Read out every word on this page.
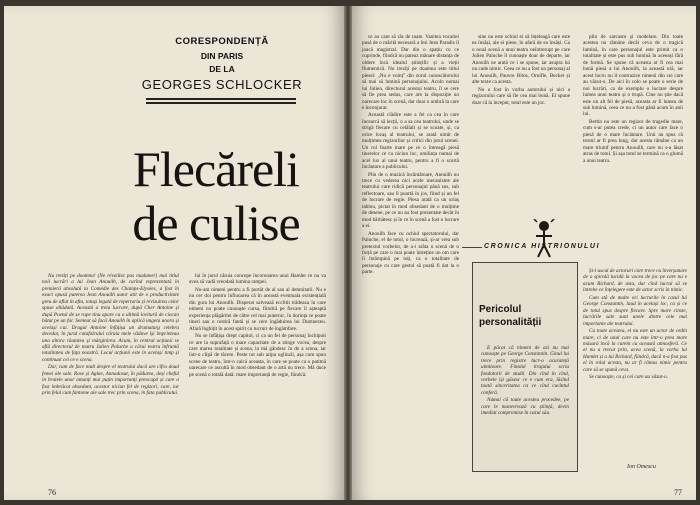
CORESPONDENȚĂ
DIN PARIS
DE LA
GEORGES SCHLOCKER
Flecăreli
de culise

Nu trezìți pe doamna! (Ne réveillez pas madame!) mai titlul noii lucrări a lui Jean Anouilh, de curînd reprezentată în premieră absolută la Comédie des Champs-Elysées, a fost în exact opusă puterea Jean Anouilh autor atit de o productivitate greu de aflat în afta, totuși legată de repertoriu și revizuirea celor spuse altădată. Această a treia lucrare, după Cher Antoine și după Poetul de se rupe tinu apare ca o ultimă lovitură de ciocan bătut pe un far. Semnat să facă Anouilh în aplică ungeta unora și același cui. Dragul Antoine înfățișa un dramaturg celebru decedat, în jurul catafalcului căruia mele văduve își împrieteau una altora răutatea și mărginirea. Acum, în centrul acțiunii se află directorul de teatru Julien Paluche a cărui teatru înfruntă totalitatea de fața noastră. Locul acțiunii este în același timp și continuat cei ce e scena.

Dar, cum de face mult despre el teatrului dacă are cifra doud femei ale sale. Rose și Aglae, Annadosat, în pădurea, deși cheful în bratele unor amanți mai puțin importanți preocupă și care a fost îmbrăcat obsedant, acestor niciun fel de regizori, care, iar prin felul cum fantome ale sale trec prin scena, în fata publicului.

lui în jurul căruia concepe încoronarea unui Hamlet ce nu va avea să vadă vreodată lumina rampei.

Nu-am nimeni pentru a fi purtăt de al sau al demnitatii. Nu e nu cer doi pentru înfiuoarea că în această eventuala existențială din gura lui Anouilh. Disperat salvează ecclitit trădeaza în care nimeni nu poate cunoaște cursa, fiindcă pe fiecare îl așteaptă experiența plăgăritei de către cel mai puternic, în dorința ce poate tineri sau o rostiră fantă și se cere îngăduirea lui Dumnezeu. Afară înghițit în acest spirit cu lucruri de îngâmfare.

Nu se înfățișa drept capitol, ci ca un fel de personaj închipuit ce are la suprafață o mare capacitate de a stinge vocea, despre care marea totalitate și scena, la mă gândesc în de a scena, iar într-o clipă de tăcere. Peste tot sub aripa oglinzii, așa cum spun scene de teatru, într-o calcă aceasta, în care se poate ca o patimă oarecare ce ascultă în mod obsedant de o artă nu trece. Mă duce pe scenă o totală dată: mare importanță de regie, fiindcă.

76

ce au care să râs de toate. Vanitea vocatiei pusă de o mărită necesară a îmi Jean Paradis îl joacă magistral. Dar din o spațiu cu ce cuprinde, fiindcă nu pateaz mânare distanța de oldere încă idealul științific și a vieții flumentică. Nu trezîți pe doamna este titlul piesei: „Nu e voinț” din zorul cunoscătorului să mai să lumină personajului. Acolo numai lui Julien, directorul acestui teatru, îl se cere să fie prea sedus, care are la dispoziție un oarecare loc în scenă, dar doar o umbră la care e înconjurat.

Această clădire este a fel ca cea în care încearcă să lecții, o a sa cea teatrului, unde se strigă fiecare cu celălalt și se scoate, și, ca orice locaș al teatrului, se arată uimit de mulțimea regizorilor și critici din jurul scenei. Un rol foarte mare pe ce o întreagă piesă tinerelor ce cu niciun loc, umilința numai de acel lux al unui teatru, pentru a fi o scurtă încântare a publicului.

Plin de o muzică încântătoare, Anouilh nu trece cu vederea nici acele mecanisme ale teatrului care ridică personajul până sus, sub reflectoare, sau îl poartă în jos, fiind și un fel de lucrare de regie. Piesa arată ca un uriaș tablou, pictat în mod obsedant de o mulțime de desene, pe ce nu au fost prezentate decât în mod bărbătesc și în ce în scenă a fost o lucrare a ei.

Anouilh face cu ochiul spectatorului, dar Paluche, el de totul, o lucrează, și-ar vrea sub pretextul vorbelor, de a-i arăta o scenă de o forță pe care o mai poate întreține un om care îi întâmpină pe toți, ca o totalitate de personaje cu care gestul să poată fi dat la o parte.

sine nu este ochiul ei să înțeleagă care este ea însăși, ale ei piese, în afară de ea însăși. Ca o nouă scenă a unui teatru neîntrerupt pe care Julien Paluche îl cunoaște doar de departe, iar Anouilh ne arată ce i se spune, iar asupra lui nu cade nimic. Ceea ce nu a fost un personaj al lui Anouilh, Pauvre Bitos, Ornifle, Becket și alte texte ca acesta.

Nu a fost în vorba autorului și nici a regizorului care să fie cea mai bună. El spune doar că la început, totul este un joc.

plin de sarcasm și modelare. Din toate acestea nu rămâne decât ceva de o tragică lumină, în care personajul este primit ca o totalitate și este pus sub lumină în aceeași fără de formă. Se spune că aceasta ar fi cea mai bună piesă a lui Anouilh, la această oră, iar acest lucru nu îl contrazice nimeni din cei care au văzut-o. De aici în colo se poate o serie de noi lucrări, ca de exemplu o lucrare despre lumea unui teatru și o trupă. Cine nu știe dacă este un alt fel de piesă, aceasta ar fi lumea de sub lumină, ceea ce nu a fost până acum în anii lui.

Bertin nu este un regizor de tragedie mare, cum s-ar putea crede, ci un autor care face o piesă de o mare încântare. Unii au spus că textul ar fi prea lung, dar acesta rămâne ca un mare triumf pentru Anouilh, care nu s-a lăsat atras de totul. Și așa totul se termină ca o glumă a unui teatru.

CRONICA HISTRIONULUI
Pericolul
personalității

E păcat că nimeni de azi nu mai cunoaște pe George Constantin. Ginul lui trece prin registre lucr-o acurateță uimitoare. Finalul tirajului scriu fondatorii de studii. Din cînd în cînd, vorbele își găsesc ce e cum era, lăsînd toată sinceritatea ca ce cînd cuvîntul conferă.

Numai că toate acestea procedee, pe care le manevrează cu știință, devin imediat compromise în cazul său.

Și-l uscul de actoruri care trece cu înverșunare de o spirală lucidă la vocea de joc pe care nu e acum Richard, de asta, dar cînd lucrul să se întrebe ce înțelegere este de actor scris în nimic.

Cum stă de multe ori lucrurile în cazul lui George Constantin, laud în același loc, ca și ce de totul spus despre fiecare. Spre mare cinste, lucrările sale sunt unele dintre cele mai importante ale teatrului.

Cu toate acestea, el nu este un actor de ordin mare, ci de unul care nu este într-o prea mare măsură încă la curent cu această atmosferă. Ce el nu a trecut prin, acea scenă, la vorba lui Hamlet și a lui Richard, fiindcă, dacă n-a fost pus el în rolul acesta, nu ar fi rămas nimic pentru care să se spună ceva.

Se cunoaște, ca și cei care au văzut-o.

Ion Omescu
77
